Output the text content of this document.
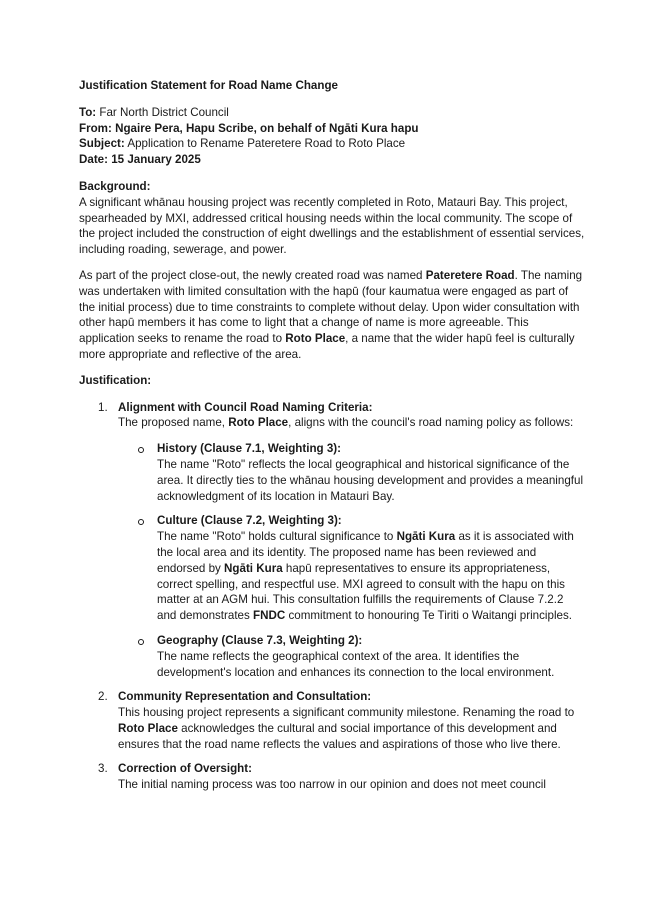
Justification Statement for Road Name Change
To: Far North District Council
From: Ngaire Pera, Hapu Scribe, on behalf of Ngāti Kura hapu
Subject: Application to Rename Pateretere Road to Roto Place
Date: 15 January 2025
Background:

A significant whānau housing project was recently completed in Roto, Matauri Bay. This project, spearheaded by MXI, addressed critical housing needs within the local community. The scope of the project included the construction of eight dwellings and the establishment of essential services, including roading, sewerage, and power.

As part of the project close-out, the newly created road was named Pateretere Road. The naming was undertaken with limited consultation with the hapū (four kaumatua were engaged as part of the initial process) due to time constraints to complete without delay. Upon wider consultation with other hapū members it has come to light that a change of name is more agreeable. This application seeks to rename the road to Roto Place, a name that the wider hapū feel is culturally more appropriate and reflective of the area.

Justification:
1. Alignment with Council Road Naming Criteria:
The proposed name, Roto Place, aligns with the council's road naming policy as follows:
History (Clause 7.1, Weighting 3):
The name "Roto" reflects the local geographical and historical significance of the area. It directly ties to the whānau housing development and provides a meaningful acknowledgment of its location in Matauri Bay.
Culture (Clause 7.2, Weighting 3):
The name "Roto" holds cultural significance to Ngāti Kura as it is associated with the local area and its identity. The proposed name has been reviewed and endorsed by Ngāti Kura hapū representatives to ensure its appropriateness, correct spelling, and respectful use. MXI agreed to consult with the hapu on this matter at an AGM hui. This consultation fulfills the requirements of Clause 7.2.2 and demonstrates FNDC commitment to honouring Te Tiriti o Waitangi principles.
Geography (Clause 7.3, Weighting 2):
The name reflects the geographical context of the area. It identifies the development's location and enhances its connection to the local environment.
2. Community Representation and Consultation:
This housing project represents a significant community milestone. Renaming the road to Roto Place acknowledges the cultural and social importance of this development and ensures that the road name reflects the values and aspirations of those who live there.
3. Correction of Oversight:
The initial naming process was too narrow in our opinion and does not meet council
